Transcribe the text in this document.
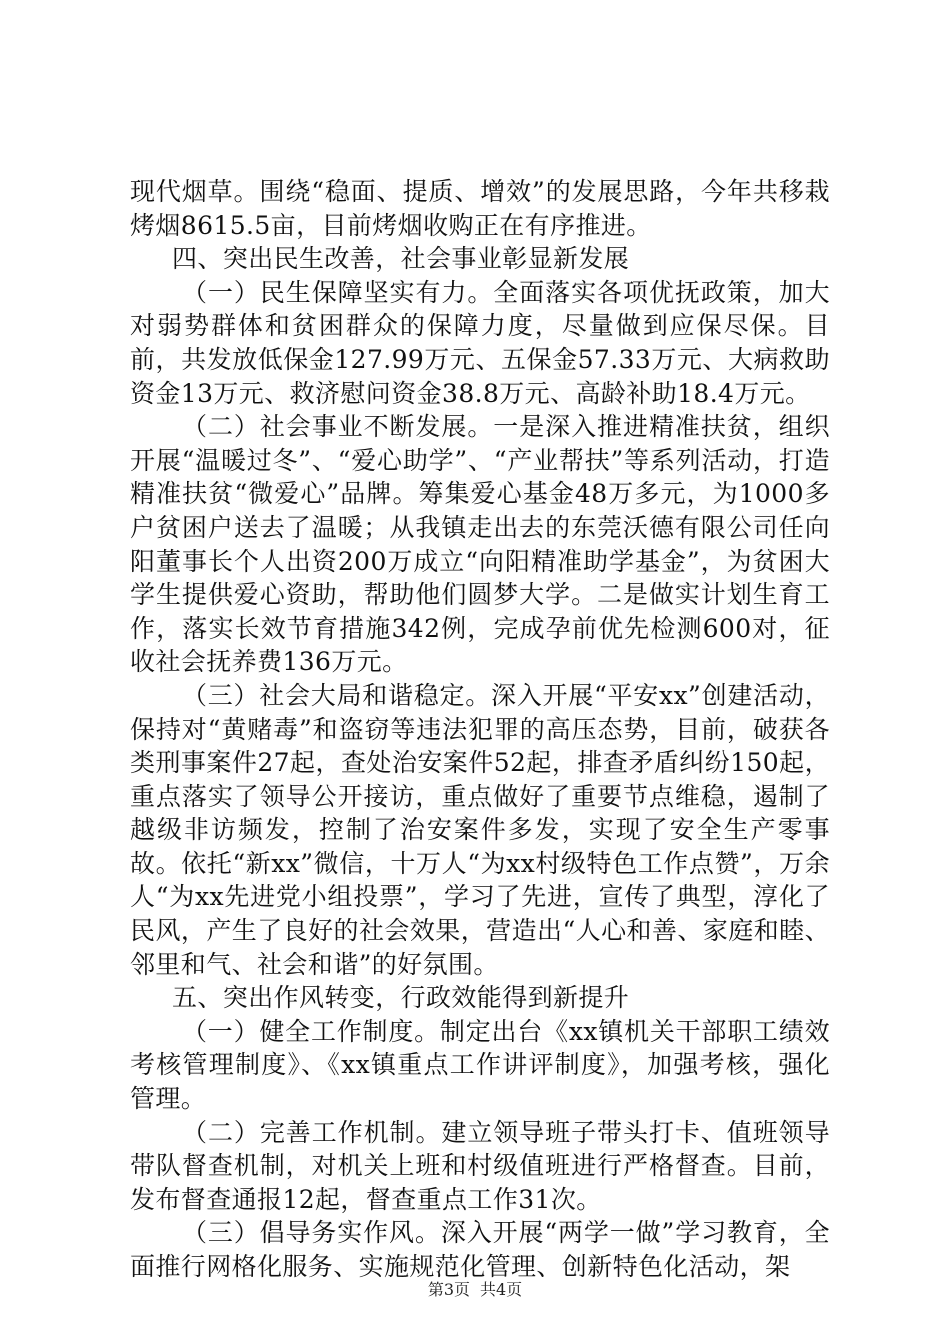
现代烟草。围绕“稳面、提质、增效”的发展思路，今年共移栽烤烟8615.5亩，目前烤烟收购正在有序推进。

四、突出民生改善，社会事业彰显新发展

（一）民生保障坚实有力。全面落实各项优抚政策，加大对弱势群体和贫困群众的保障力度，尽量做到应保尽保。目前，共发放低保金127.99万元、五保金57.33万元、大病救助资金13万元、救济慰问资金38.8万元、高龄补助18.4万元。

（二）社会事业不断发展。一是深入推进精准扶贫，组织开展“温暖过冬”、“爱心助学”、“产业帮扶”等系列活动，打造精准扶贫“微爱心”品牌。筹集爱心基金48万多元，为1000多户贫困户送去了温暖；从我镇走出去的东莞沃德有限公司任向阳董事长个人出资200万成立“向阳精准助学基金”，为贫困大学生提供爱心资助，帮助他们圆梦大学。二是做实计划生育工作，落实长效节育措施342例，完成孕前优先检测600对，征收社会抚养费136万元。

（三）社会大局和谐稳定。深入开展“平安xx”创建活动，保持对“黄赌毒”和盗窃等违法犯罪的高压态势，目前，破获各类刑事案件27起，查处治安案件52起，排查矛盾纠纷150起，重点落实了领导公开接访，重点做好了重要节点维稳，遏制了越级非访频发，控制了治安案件多发，实现了安全生产零事故。依托“新xx”微信，十万人“为xx村级特色工作点赞”，万余人“为xx先进党小组投票”，学习了先进，宣传了典型，淳化了民风，产生了良好的社会效果，营造出“人心和善、家庭和睦、邻里和气、社会和谐”的好氛围。

五、突出作风转变，行政效能得到新提升

（一）健全工作制度。制定出台《xx镇机关干部职工绩效考核管理制度》、《xx镇重点工作讲评制度》，加强考核，强化管理。

（二）完善工作机制。建立领导班子带头打卡、值班领导带队督查机制，对机关上班和村级值班进行严格督查。目前，发布督查通报12起，督查重点工作31次。

（三）倡导务实作风。深入开展“两学一做”学习教育，全面推行网格化服务、实施规范化管理、创新特色化活动，架

第3页 共4页
